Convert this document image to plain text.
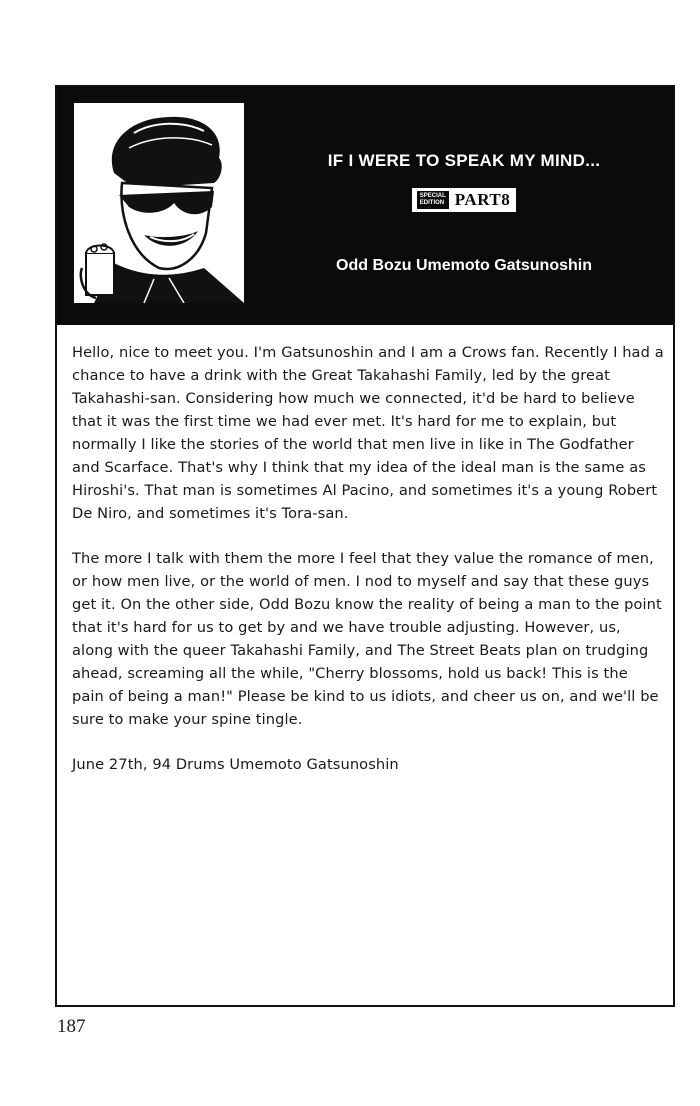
IF I WERE TO SPEAK MY MIND...
SPECIAL
EDITION PART8
Odd Bozu Umemoto Gatsunoshin

Hello, nice to meet you. I'm Gatsunoshin and I am a Crows fan. Recently I had a chance to have a drink with the Great Takahashi Family, led by the great Takahashi-san. Considering how much we connected, it'd be hard to believe that it was the first time we had ever met. It's hard for me to explain, but normally I like the stories of the world that men live in like in The Godfather and Scarface. That's why I think that my idea of the ideal man is the same as Hiroshi's. That man is sometimes Al Pacino, and sometimes it's a young Robert De Niro, and sometimes it's Tora-san.

The more I talk with them the more I feel that they value the romance of men, or how men live, or the world of men. I nod to myself and say that these guys get it. On the other side, Odd Bozu know the reality of being a man to the point that it's hard for us to get by and we have trouble adjusting. However, us, along with the queer Takahashi Family, and The Street Beats plan on trudging ahead, screaming all the while, "Cherry blossoms, hold us back! This is the pain of being a man!" Please be kind to us idiots, and cheer us on, and we'll be sure to make your spine tingle.

June 27th, 94 Drums Umemoto Gatsunoshin

187
